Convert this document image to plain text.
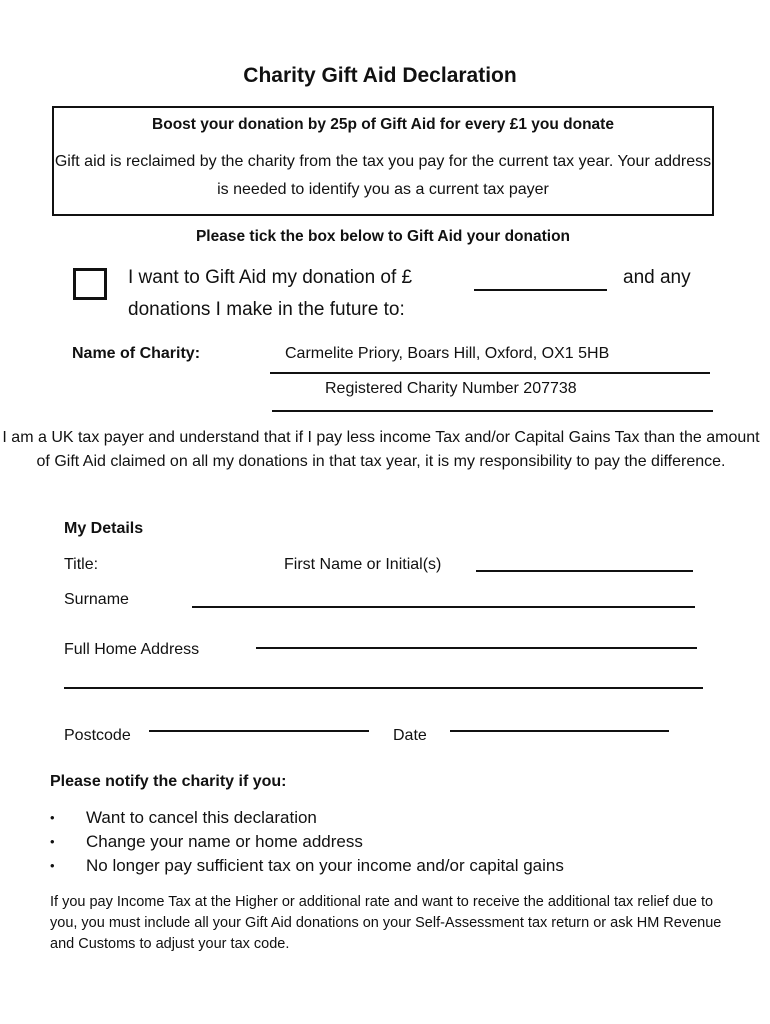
Charity Gift Aid Declaration
Boost your donation by 25p of Gift Aid for every £1 you donate
Gift aid is reclaimed by the charity from the tax you pay for the current tax year. Your address is needed to identify you as a current tax payer
Please tick the box below to Gift Aid your donation
I want to Gift Aid my donation of £	and any
donations I make in the future to:
Name of Charity:	Carmelite Priory, Boars Hill, Oxford, OX1 5HB
Registered Charity Number 207738
I am a UK tax payer and understand that if I pay less income Tax and/or Capital Gains Tax than the amount of Gift Aid claimed on all my donations in that tax year, it is my responsibility to pay the difference.
My Details
Title:	First Name or Initial(s)
Surname
Full Home Address
Postcode	Date
Please notify the charity if you:
• Want to cancel this declaration
• Change your name or home address
• No longer pay sufficient tax on your income and/or capital gains
If you pay Income Tax at the Higher or additional rate and want to receive the additional tax relief due to you, you must include all your Gift Aid donations on your Self-Assessment tax return or ask HM Revenue and Customs to adjust your tax code.
